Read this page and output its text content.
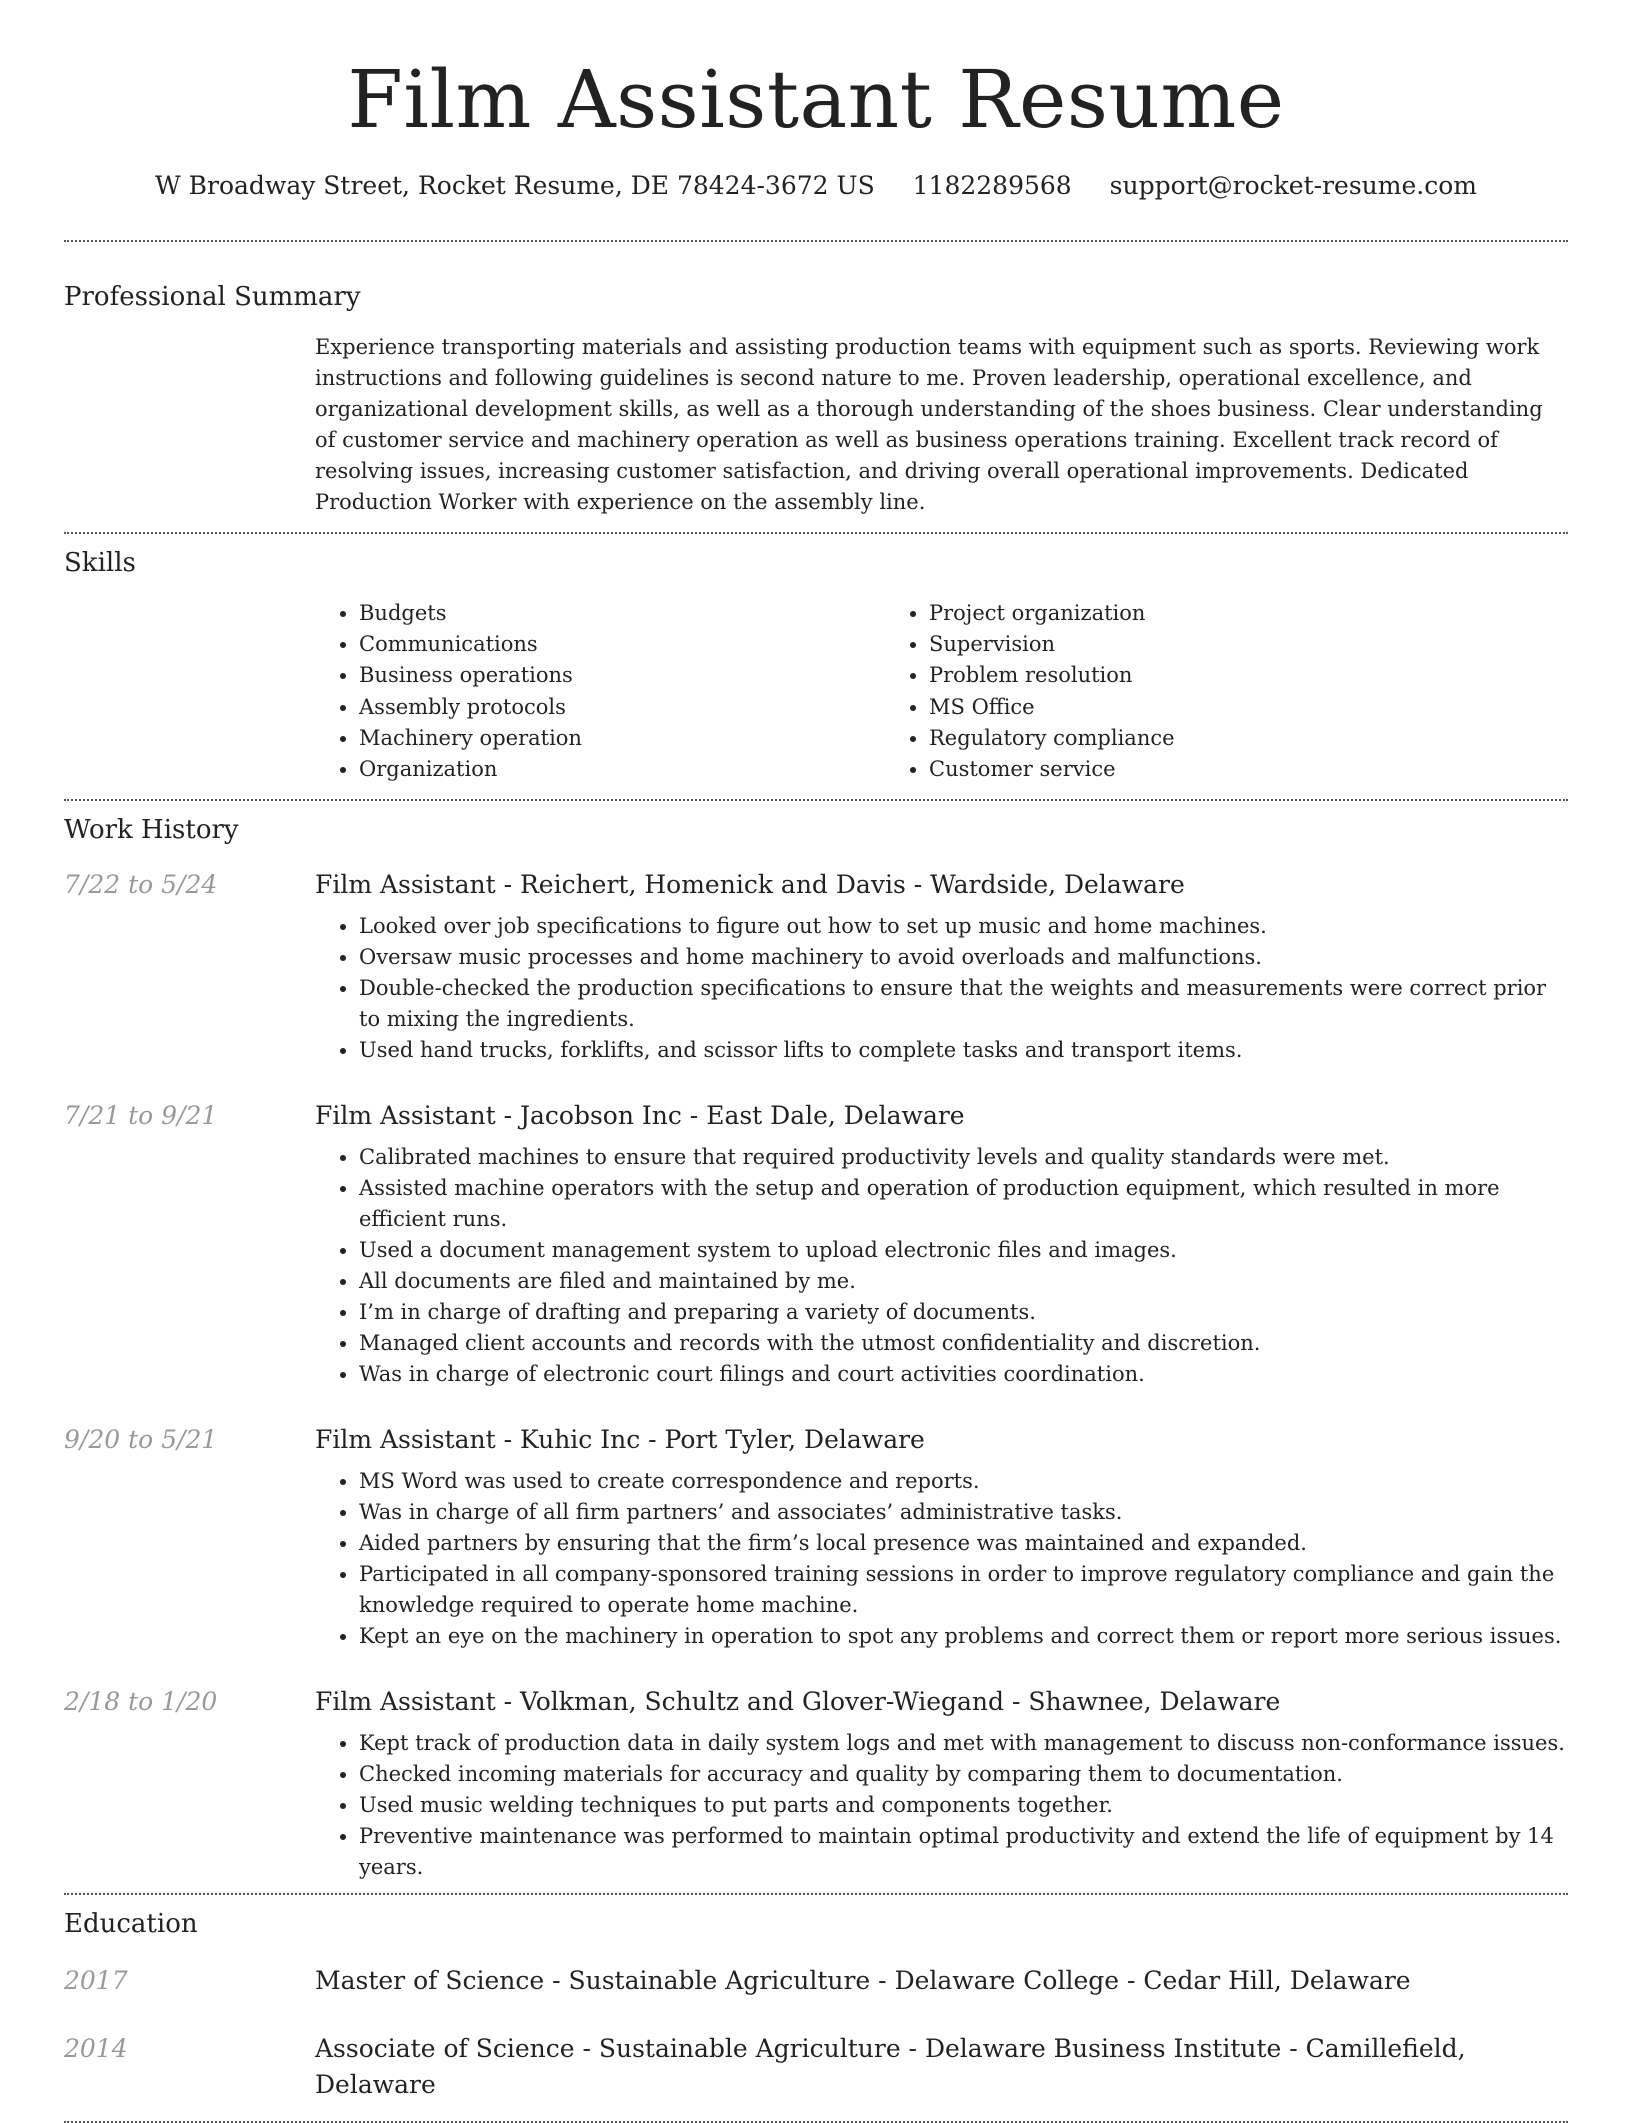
Film Assistant Resume
W Broadway Street, Rocket Resume, DE 78424-3672 US 1182289568 support@rocket-resume.com
Professional Summary
Experience transporting materials and assisting production teams with equipment such as sports. Reviewing work instructions and following guidelines is second nature to me. Proven leadership, operational excellence, and organizational development skills, as well as a thorough understanding of the shoes business. Clear understanding of customer service and machinery operation as well as business operations training. Excellent track record of resolving issues, increasing customer satisfaction, and driving overall operational improvements. Dedicated Production Worker with experience on the assembly line.
Skills
• Budgets
• Communications
• Business operations
• Assembly protocols
• Machinery operation
• Organization
• Project organization
• Supervision
• Problem resolution
• MS Office
• Regulatory compliance
• Customer service
Work History
7/22 to 5/24	Film Assistant - Reichert, Homenick and Davis - Wardside, Delaware
• Looked over job specifications to figure out how to set up music and home machines.
• Oversaw music processes and home machinery to avoid overloads and malfunctions.
• Double-checked the production specifications to ensure that the weights and measurements were correct prior to mixing the ingredients.
• Used hand trucks, forklifts, and scissor lifts to complete tasks and transport items.
7/21 to 9/21	Film Assistant - Jacobson Inc - East Dale, Delaware
• Calibrated machines to ensure that required productivity levels and quality standards were met.
• Assisted machine operators with the setup and operation of production equipment, which resulted in more efficient runs.
• Used a document management system to upload electronic files and images.
• All documents are filed and maintained by me.
• I’m in charge of drafting and preparing a variety of documents.
• Managed client accounts and records with the utmost confidentiality and discretion.
• Was in charge of electronic court filings and court activities coordination.
9/20 to 5/21	Film Assistant - Kuhic Inc - Port Tyler, Delaware
• MS Word was used to create correspondence and reports.
• Was in charge of all firm partners’ and associates’ administrative tasks.
• Aided partners by ensuring that the firm’s local presence was maintained and expanded.
• Participated in all company-sponsored training sessions in order to improve regulatory compliance and gain the knowledge required to operate home machine.
• Kept an eye on the machinery in operation to spot any problems and correct them or report more serious issues.
2/18 to 1/20	Film Assistant - Volkman, Schultz and Glover-Wiegand - Shawnee, Delaware
• Kept track of production data in daily system logs and met with management to discuss non-conformance issues.
• Checked incoming materials for accuracy and quality by comparing them to documentation.
• Used music welding techniques to put parts and components together.
• Preventive maintenance was performed to maintain optimal productivity and extend the life of equipment by 14 years.
Education
2017	Master of Science - Sustainable Agriculture - Delaware College - Cedar Hill, Delaware
2014	Associate of Science - Sustainable Agriculture - Delaware Business Institute - Camillefield, Delaware
